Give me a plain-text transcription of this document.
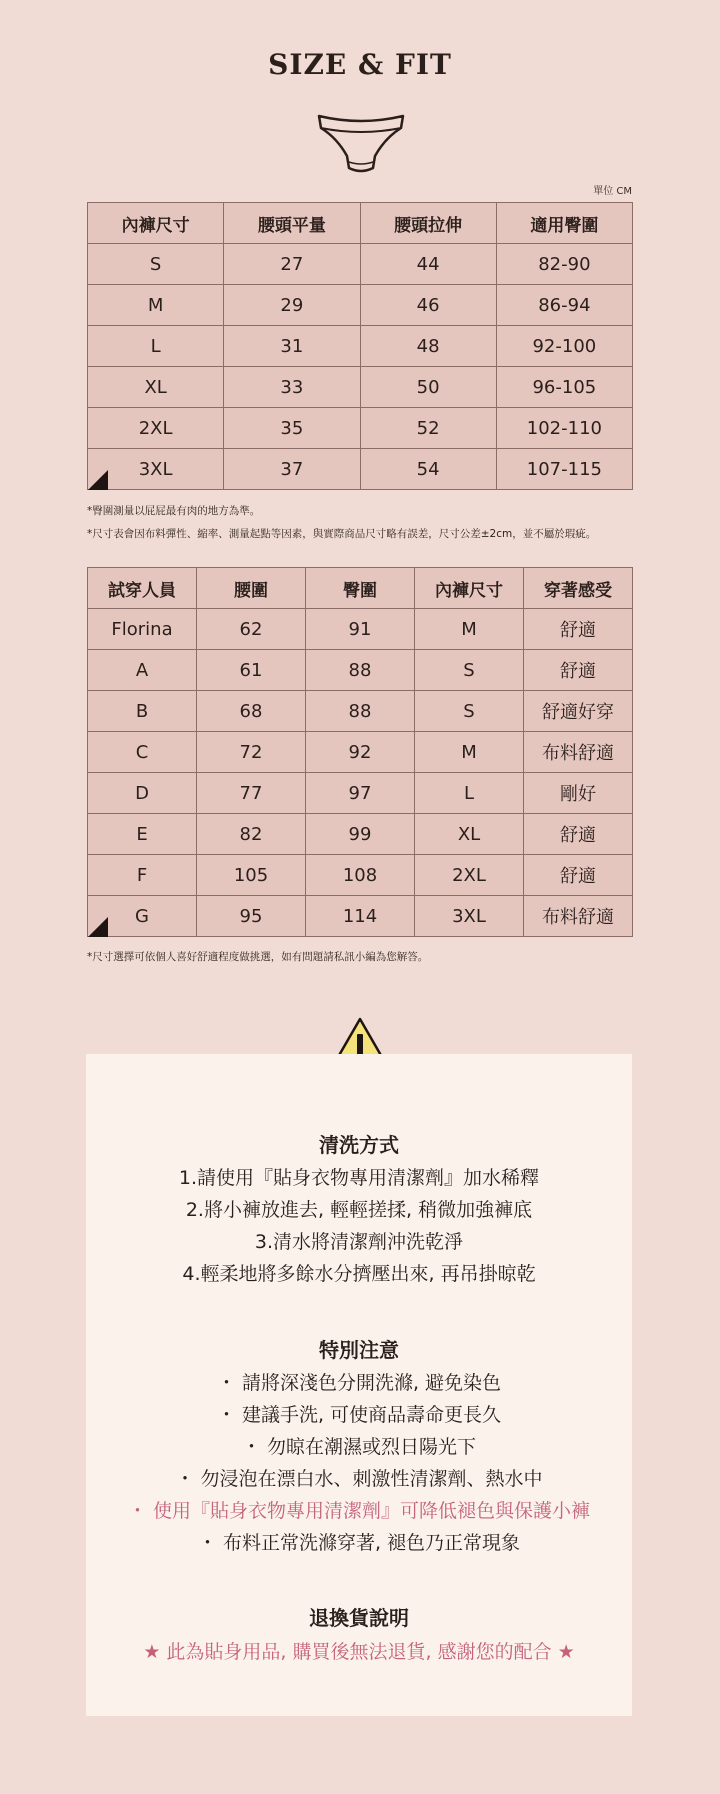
SIZE & FIT
單位 CM
內褲尺寸	腰頭平量	腰頭拉伸	適用臀圍
S	27	44	82-90
M	29	46	86-94
L	31	48	92-100
XL	33	50	96-105
2XL	35	52	102-110
3XL	37	54	107-115
*臀圍測量以屁屁最有肉的地方為準。
*尺寸表會因布料彈性、縮率、測量起點等因素，與實際商品尺寸略有誤差，尺寸公差±2cm，並不屬於瑕疵。
試穿人員	腰圍	臀圍	內褲尺寸	穿著感受
Florina	62	91	M	舒適
A	61	88	S	舒適
B	68	88	S	舒適好穿
C	72	92	M	布料舒適
D	77	97	L	剛好
E	82	99	XL	舒適
F	105	108	2XL	舒適
G	95	114	3XL	布料舒適
*尺寸選擇可依個人喜好舒適程度做挑選，如有問題請私訊小編為您解答。
清洗方式
1.請使用『貼身衣物專用清潔劑』加水稀釋
2.將小褲放進去, 輕輕搓揉, 稍微加強褲底
3.清水將清潔劑沖洗乾淨
4.輕柔地將多餘水分擠壓出來, 再吊掛晾乾
特別注意
・ 請將深淺色分開洗滌, 避免染色
・ 建議手洗, 可使商品壽命更長久
・ 勿晾在潮濕或烈日陽光下
・ 勿浸泡在漂白水、刺激性清潔劑、熱水中
・ 使用『貼身衣物專用清潔劑』可降低褪色與保護小褲
・ 布料正常洗滌穿著, 褪色乃正常現象
退換貨說明
★ 此為貼身用品, 購買後無法退貨, 感謝您的配合 ★
